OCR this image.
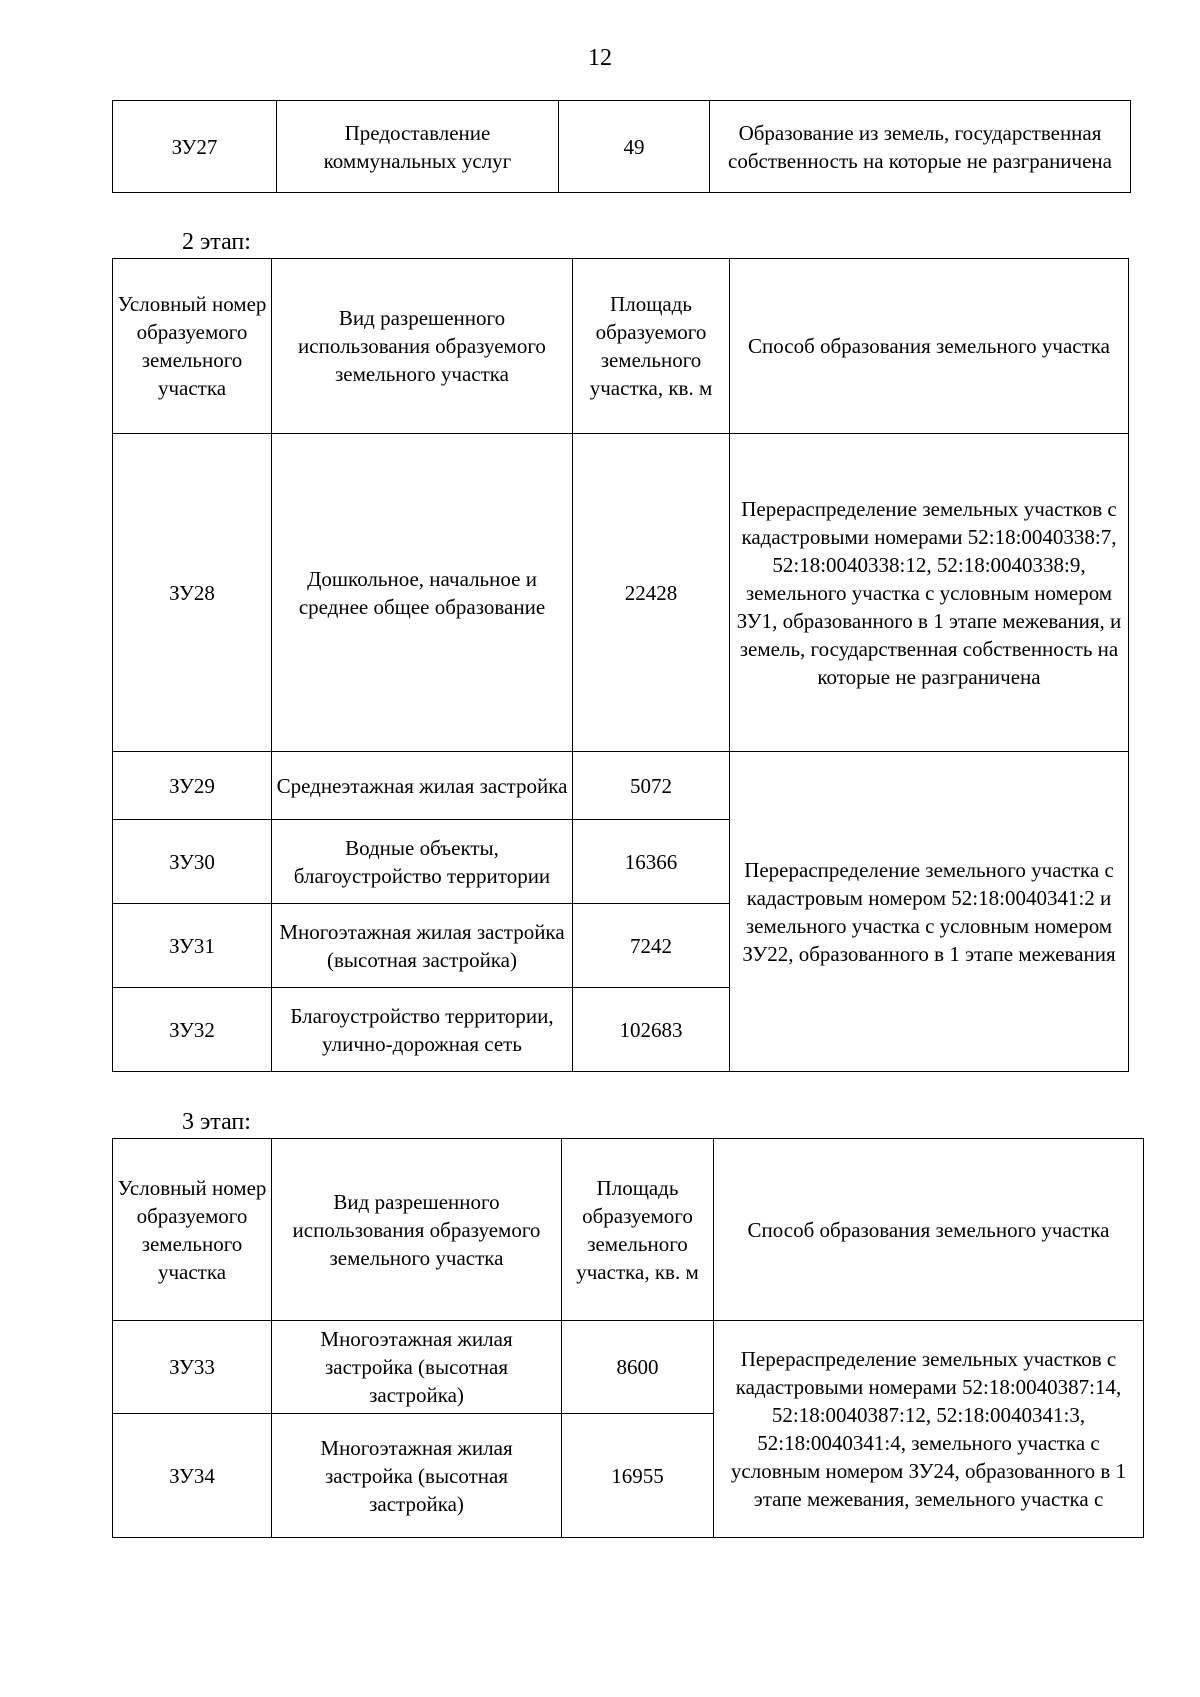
12
ЗУ27	Предоставление коммунальных услуг	49	Образование из земель, государственная собственность на которые не разграничена
2 этап:
Условный номер образуемого земельного участка	Вид разрешенного использования образуемого земельного участка	Площадь образуемого земельного участка, кв. м	Способ образования земельного участка
ЗУ28	Дошкольное, начальное и среднее общее образование	22428	Перераспределение земельных участков с кадастровыми номерами 52:18:0040338:7, 52:18:0040338:12, 52:18:0040338:9, земельного участка с условным номером ЗУ1, образованного в 1 этапе межевания, и земель, государственная собственность на которые не разграничена
ЗУ29	Среднеэтажная жилая застройка	5072	Перераспределение земельного участка с кадастровым номером 52:18:0040341:2 и земельного участка с условным номером ЗУ22, образованного в 1 этапе межевания
ЗУ30	Водные объекты, благоустройство территории	16366	
ЗУ31	Многоэтажная жилая застройка (высотная застройка)	7242	
ЗУ32	Благоустройство территории, улично-дорожная сеть	102683	
3 этап:
Условный номер образуемого земельного участка	Вид разрешенного использования образуемого земельного участка	Площадь образуемого земельного участка, кв. м	Способ образования земельного участка
ЗУ33	Многоэтажная жилая застройка (высотная застройка)	8600	Перераспределение земельных участков с кадастровыми номерами 52:18:0040387:14, 52:18:0040387:12, 52:18:0040341:3, 52:18:0040341:4, земельного участка с условным номером ЗУ24, образованного в 1 этапе межевания, земельного участка с
ЗУ34	Многоэтажная жилая застройка (высотная застройка)	16955	
